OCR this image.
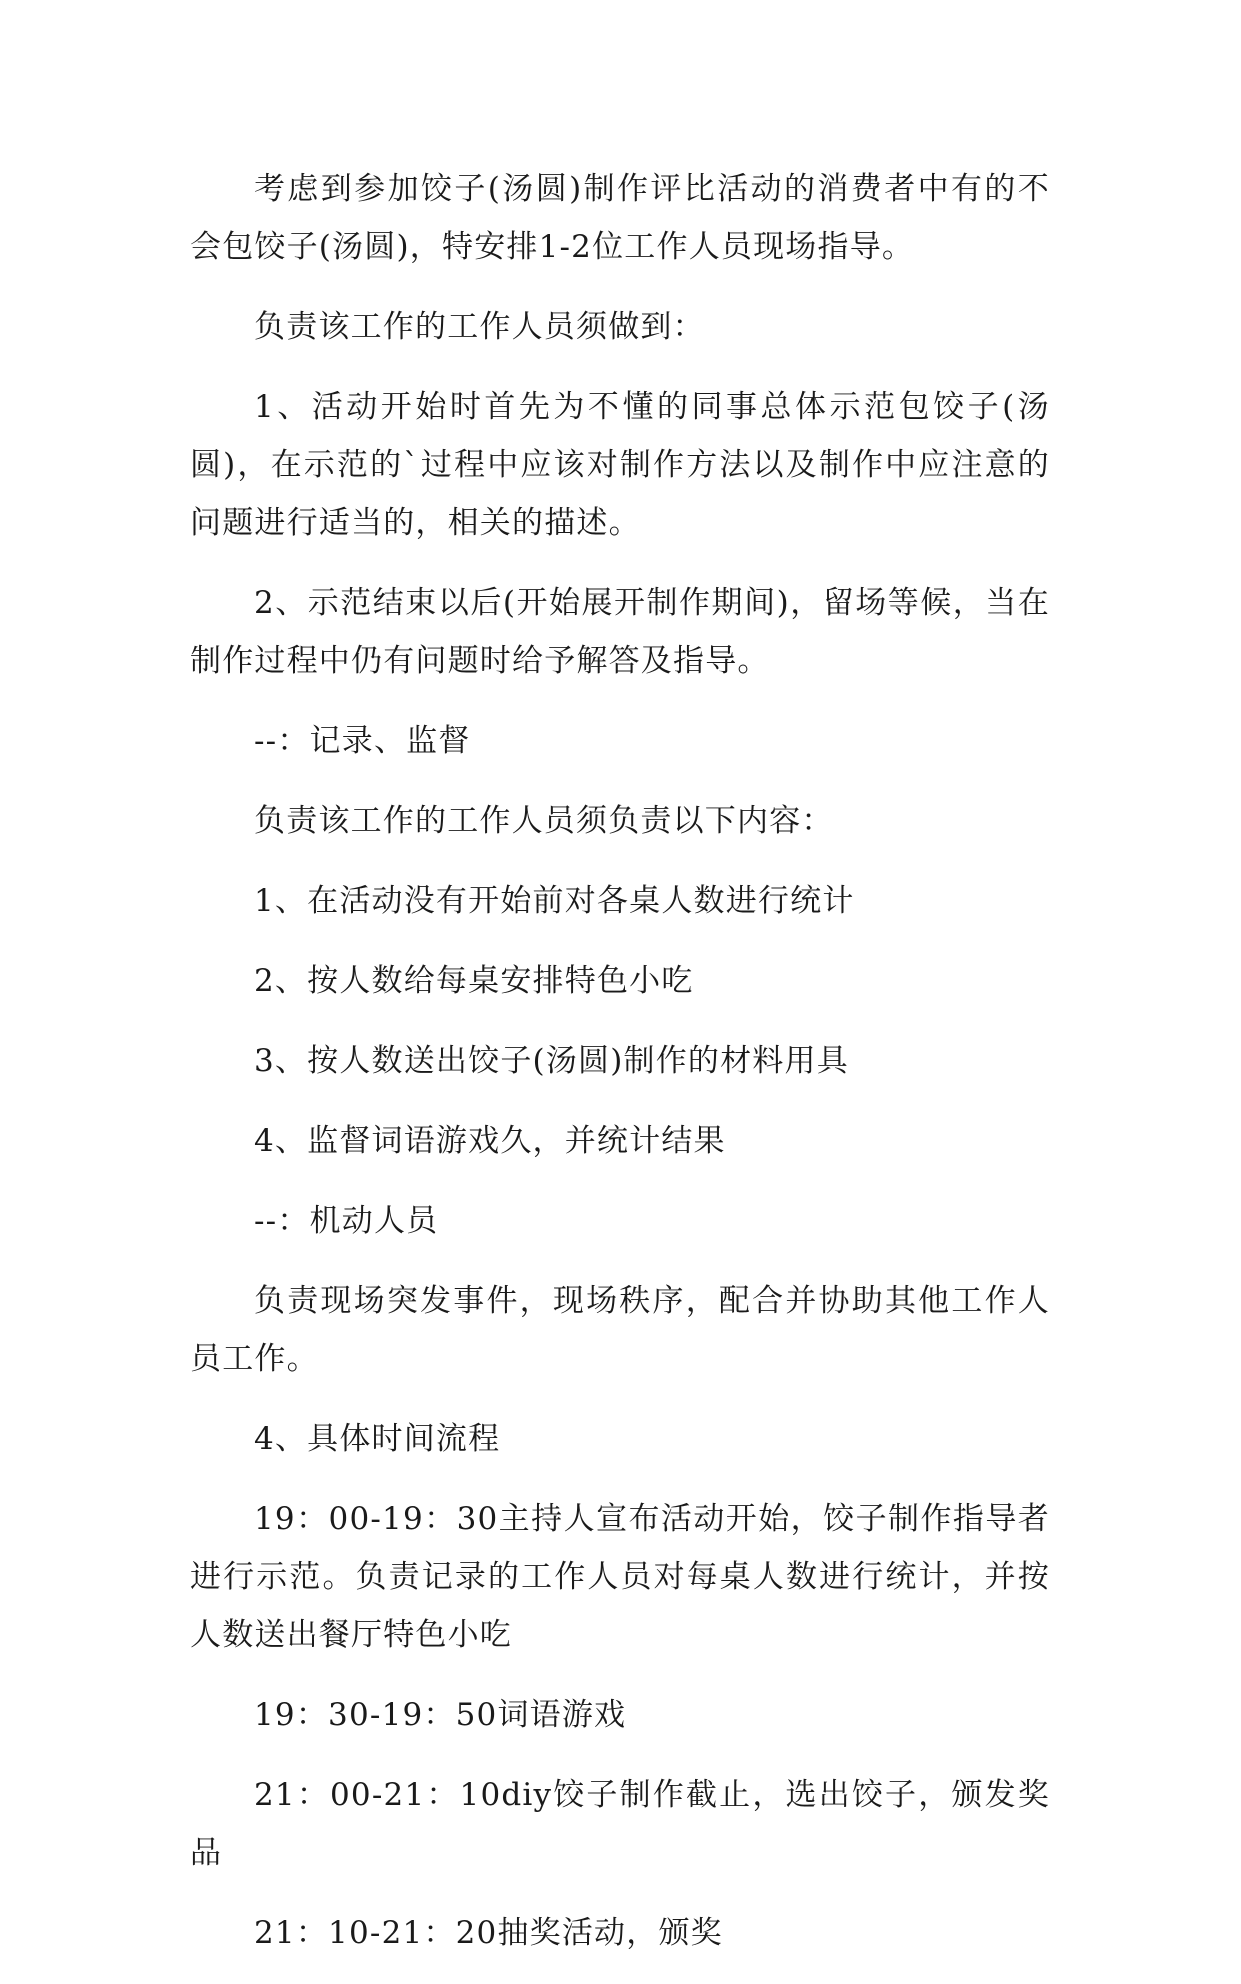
考虑到参加饺子(汤圆)制作评比活动的消费者中有的不会包饺子(汤圆)，特安排1-2位工作人员现场指导。

负责该工作的工作人员须做到：

1、活动开始时首先为不懂的同事总体示范包饺子(汤圆)，在示范的`过程中应该对制作方法以及制作中应注意的问题进行适当的，相关的描述。

2、示范结束以后(开始展开制作期间)，留场等候，当在制作过程中仍有问题时给予解答及指导。

--：记录、监督

负责该工作的工作人员须负责以下内容：

1、在活动没有开始前对各桌人数进行统计

2、按人数给每桌安排特色小吃

3、按人数送出饺子(汤圆)制作的材料用具

4、监督词语游戏久，并统计结果

--：机动人员

负责现场突发事件，现场秩序，配合并协助其他工作人员工作。

4、具体时间流程

19：00-19：30主持人宣布活动开始，饺子制作指导者进行示范。负责记录的工作人员对每桌人数进行统计，并按人数送出餐厅特色小吃

19：30-19：50词语游戏

21：00-21：10diy饺子制作截止，选出饺子，颁发奖品

21：10-21：20抽奖活动，颁奖
